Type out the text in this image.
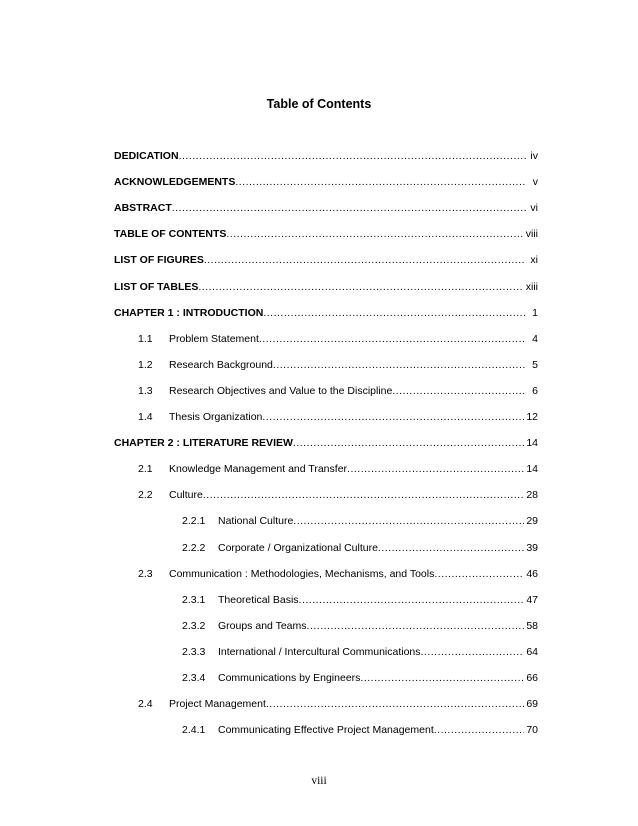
Table of Contents
DEDICATION .....	iv
ACKNOWLEDGEMENTS .....	v
ABSTRACT .....	vi
TABLE OF CONTENTS .....	viii
LIST OF FIGURES .....	xi
LIST OF TABLES .....	xiii
CHAPTER 1 : INTRODUCTION .....	1
1.1	Problem Statement .....	4
1.2	Research Background .....	5
1.3	Research Objectives and Value to the Discipline .....	6
1.4	Thesis Organization .....	12
CHAPTER 2 : LITERATURE REVIEW .....	14
2.1	Knowledge Management and Transfer .....	14
2.2	Culture .....	28
2.2.1	National Culture .....	29
2.2.2	Corporate / Organizational Culture .....	39
2.3	Communication : Methodologies, Mechanisms, and Tools .....	46
2.3.1	Theoretical Basis .....	47
2.3.2	Groups and Teams .....	58
2.3.3	International / Intercultural Communications .....	64
2.3.4	Communications by Engineers .....	66
2.4	Project Management .....	69
2.4.1	Communicating Effective Project Management .....	70
viii
